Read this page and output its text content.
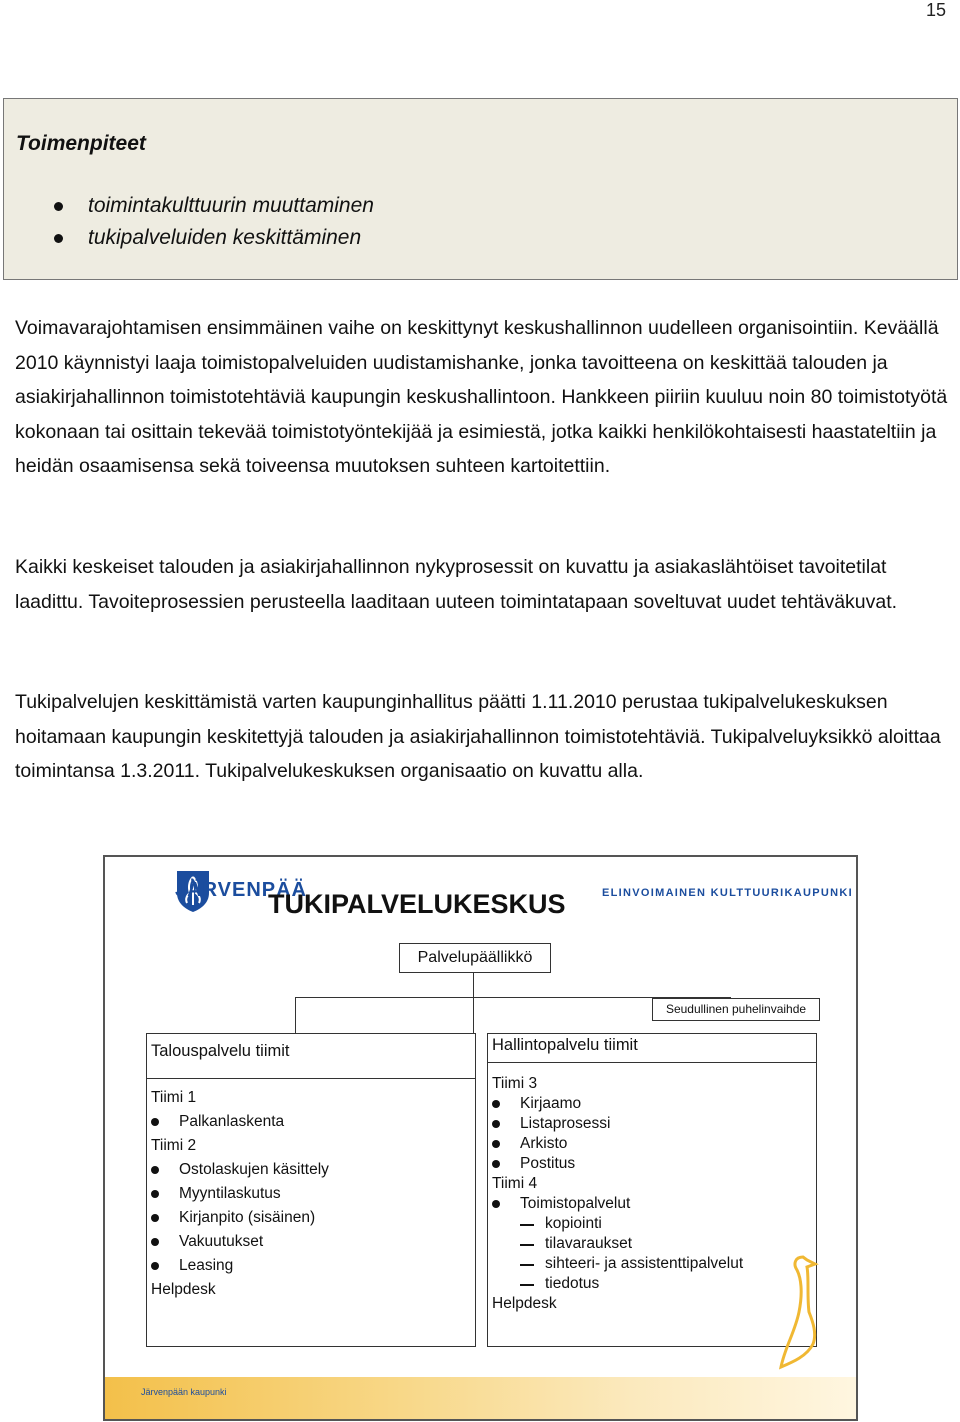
15
Toimenpiteet
toimintakulttuurin muuttaminen
tukipalveluiden keskittäminen

Voimavarajohtamisen ensimmäinen vaihe on keskittynyt keskushallinnon uudelleen organisointiin. Keväällä 2010 käynnistyi laaja toimistopalveluiden uudistamishanke, jonka tavoitteena on keskittää talouden ja asiakirjahallinnon toimistotehtäviä kaupungin keskushallintoon. Hankkeen piiriin kuuluu noin 80 toimistotyötä kokonaan tai osittain tekevää toimistotyöntekijää ja esimiestä, jotka kaikki henkilökohtaisesti haastateltiin ja heidän osaamisensa sekä toiveensa muutoksen suhteen kartoitettiin.

Kaikki keskeiset talouden ja asiakirjahallinnon nykyprosessit on kuvattu ja asiakaslähtöiset tavoitetilat laadittu. Tavoiteprosessien perusteella laaditaan uuteen toimintatapaan soveltuvat uudet tehtäväkuvat.

Tukipalvelujen keskittämistä varten kaupunginhallitus päätti 1.11.2010 perustaa tukipalvelukeskuksen hoitamaan kaupungin keskitettyjä talouden ja asiakirjahallinnon toimistotehtäviä. Tukipalveluyksikkö aloittaa toimintansa 1.3.2011. Tukipalvelukeskuksen organisaatio on kuvattu alla.

JÄRVENPÄÄ
TUKIPALVELUKESKUS	ELINVOIMAINEN KULTTUURIKAUPUNKI
Palvelupäällikkö
Seudullinen puhelinvaihde
Talouspalvelu tiimit
Tiimi 1
Palkanlaskenta
Tiimi 2
Ostolaskujen käsittely
Myyntilaskutus
Kirjanpito (sisäinen)
Vakuutukset
Leasing
Helpdesk
Hallintopalvelu tiimit
Tiimi 3
Kirjaamo
Listaprosessi
Arkisto
Postitus
Tiimi 4
Toimistopalvelut
kopiointi
tilavaraukset
sihteeri- ja assistenttipalvelut
tiedotus
Helpdesk
Järvenpään kaupunki
